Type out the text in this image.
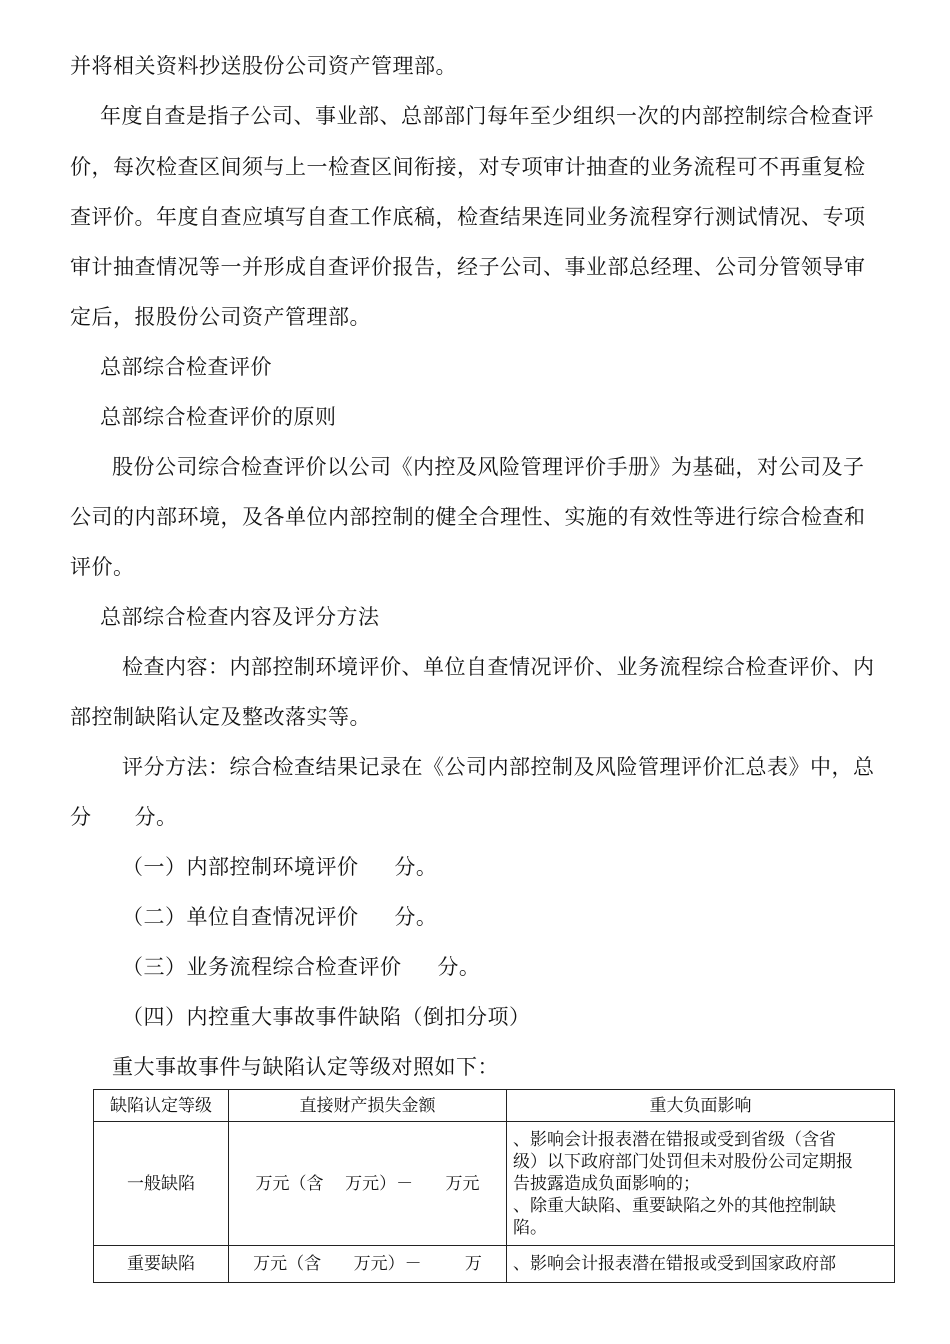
并将相关资料抄送股份公司资产管理部。
年度自查是指子公司、事业部、总部部门每年至少组织一次的内部控制综合检查评
价，每次检查区间须与上一检查区间衔接，对专项审计抽查的业务流程可不再重复检
查评价。年度自查应填写自查工作底稿，检查结果连同业务流程穿行测试情况、专项
审计抽查情况等一并形成自查评价报告，经子公司、事业部总经理、公司分管领导审
定后，报股份公司资产管理部。
总部综合检查评价
总部综合检查评价的原则
股份公司综合检查评价以公司《内控及风险管理评价手册》为基础，对公司及子
公司的内部环境，及各单位内部控制的健全合理性、实施的有效性等进行综合检查和
评价。
总部综合检查内容及评分方法
检查内容：内部控制环境评价、单位自查情况评价、业务流程综合检查评价、内
部控制缺陷认定及整改落实等。
评分方法：综合检查结果记录在《公司内部控制及风险管理评价汇总表》中，总
分      分。
（一）内部控制环境评价     分。
（二）单位自查情况评价     分。
（三）业务流程综合检查评价     分。
（四）内控重大事故事件缺陷（倒扣分项）
重大事故事件与缺陷认定等级对照如下：
缺陷认定等级	直接财产损失金额	重大负面影响
一般缺陷	万元（含    万元）－      万元	、影响会计报表潜在错报或受到省级（含省
级）以下政府部门处罚但未对股份公司定期报
告披露造成负面影响的；
、除重大缺陷、重要缺陷之外的其他控制缺
陷。

重要缺陷	万元（含      万元）－        万	、影响会计报表潜在错报或受到国家政府部
